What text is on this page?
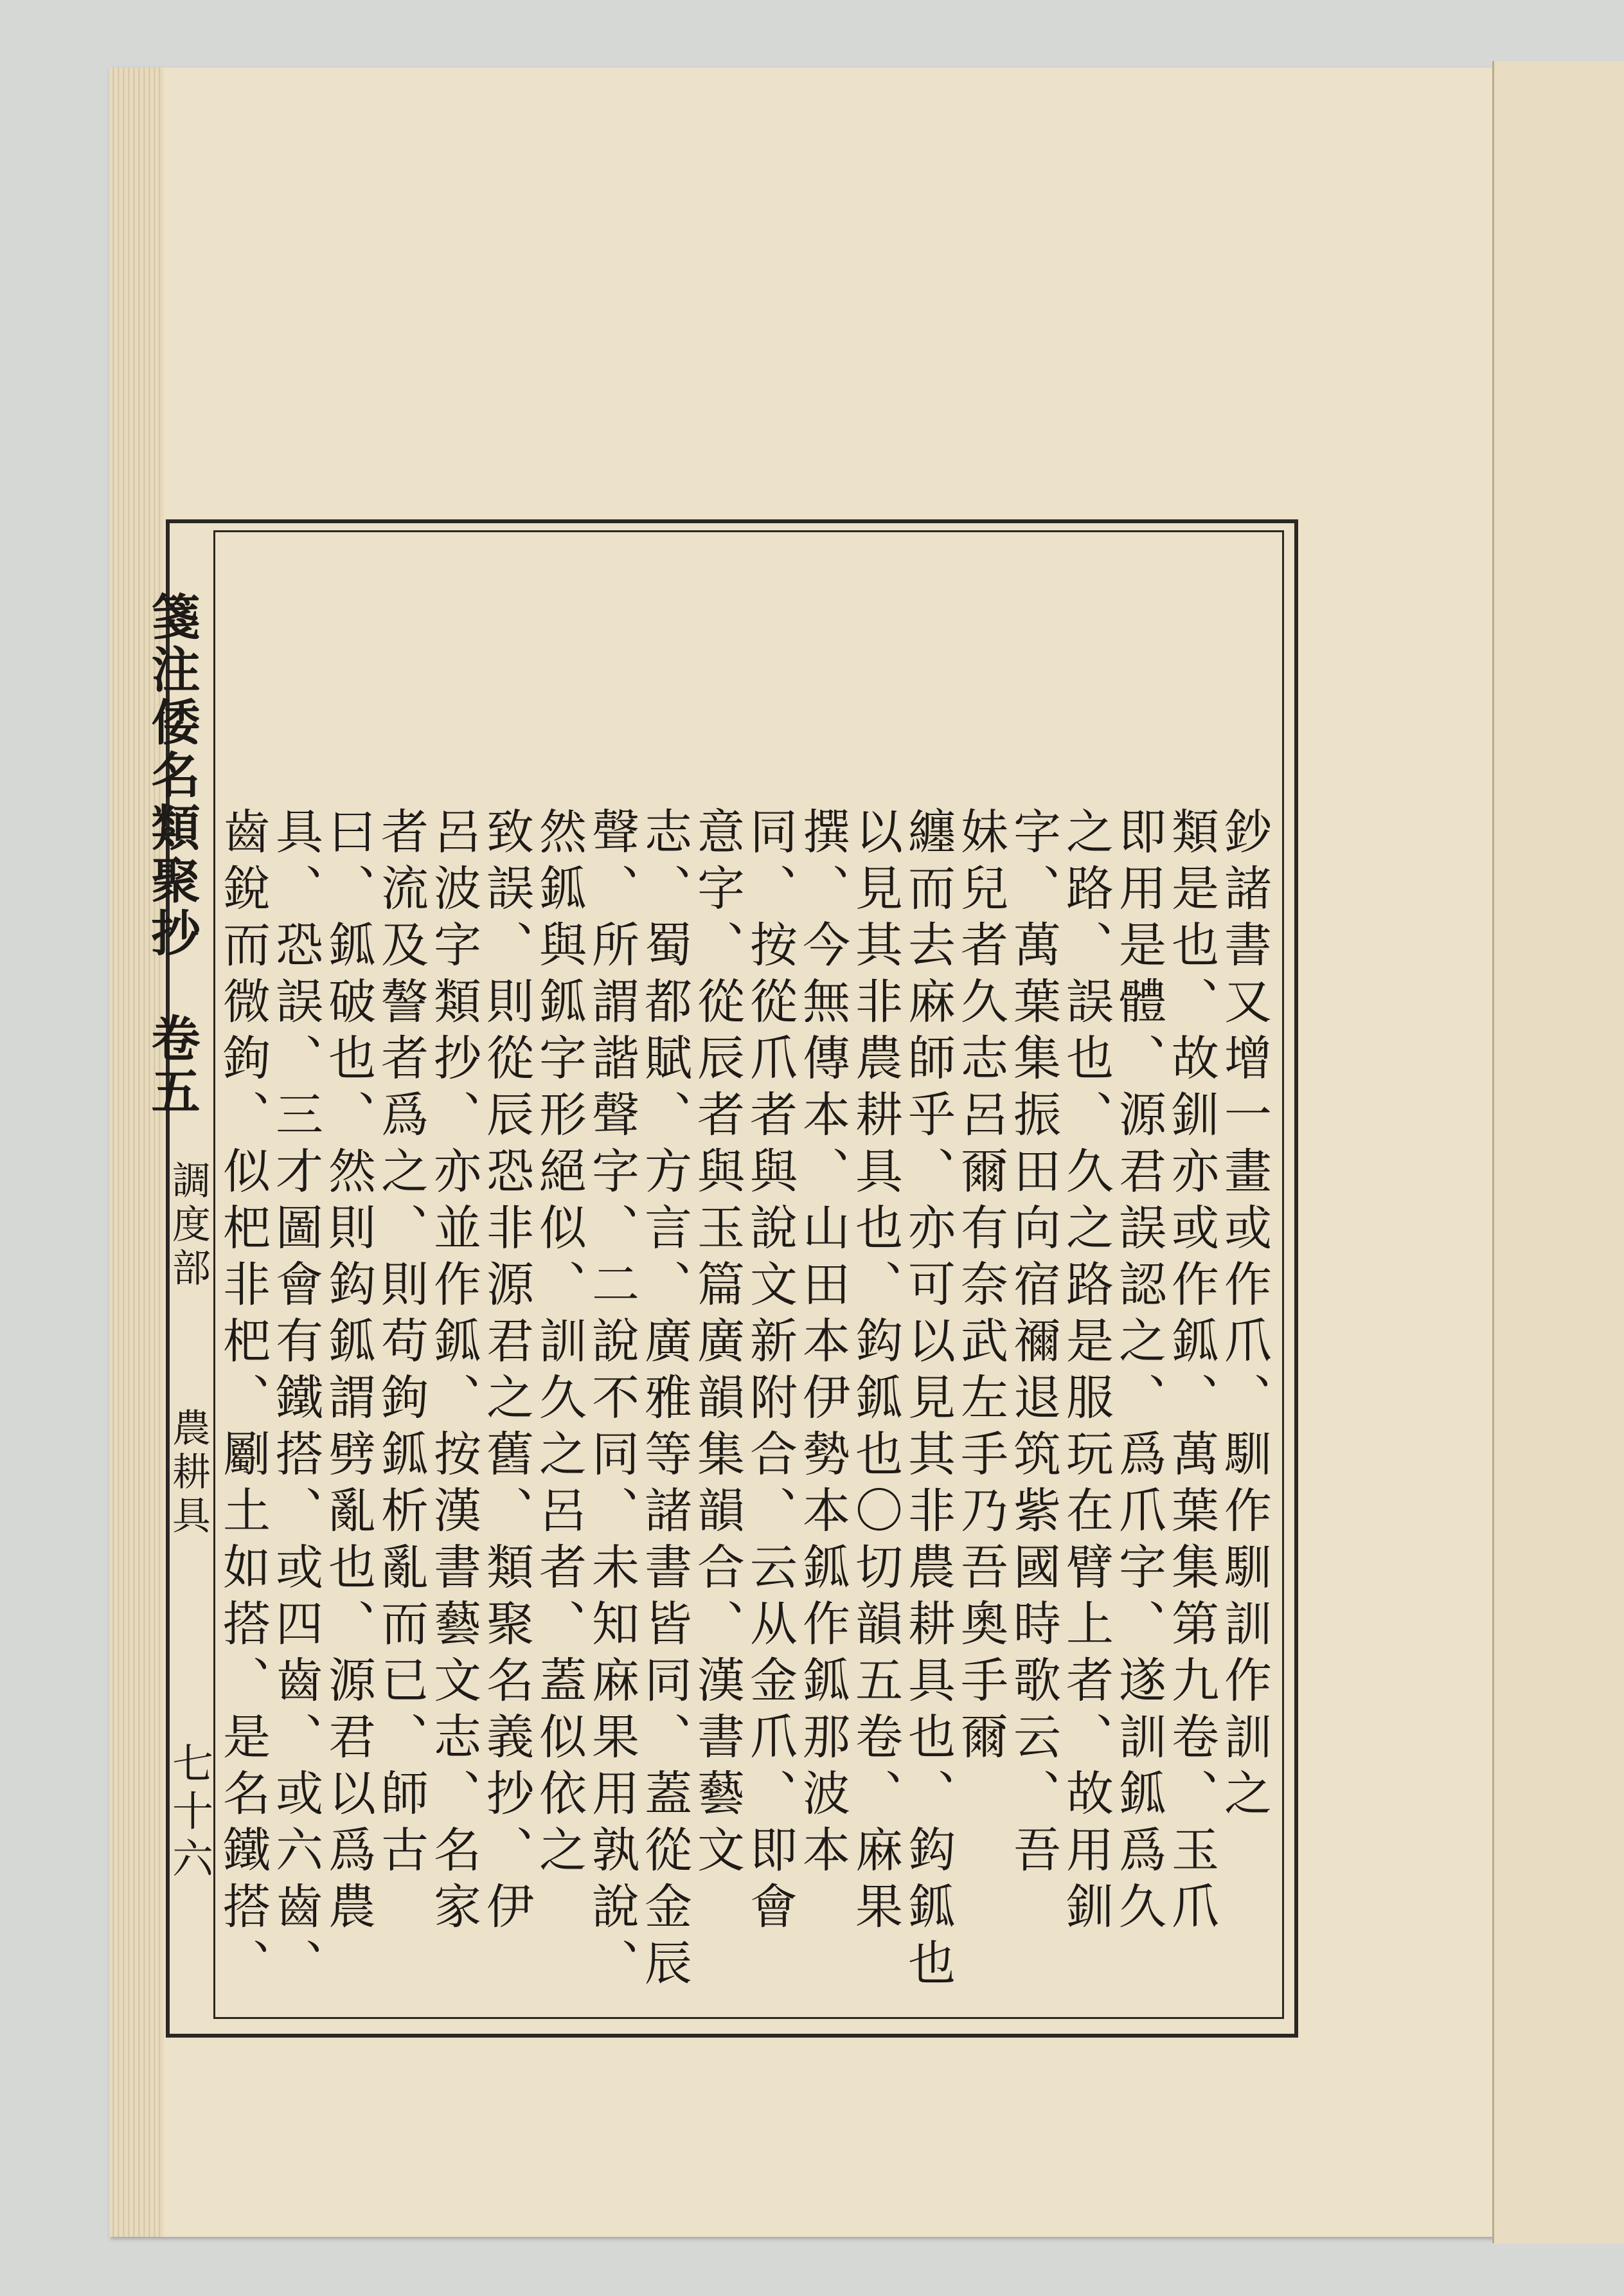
箋注倭名類聚抄　卷五
調度部
農耕具
七十六	鈔諸書又增一畫或作爪、馴作馴訓作訓之
類是也、故釧亦或作鈲、萬葉集第九卷、玉爪
即用是體、源君誤認之、爲爪字、遂訓鈲爲久
之路、誤也、久之路是服玩在臂上者、故用釧
字、萬葉集振田向宿禰退筑紫國時歌云、吾
妹兒者久志呂爾有奈武左手乃吾奧手爾
纏而去麻師乎、亦可以見其非農耕具也、鈎鈲也
以見其非農耕具也、鈎鈲也〇切韻五卷、麻果
撰、今無傳本、山田本伊勢本鈲作鈲那波本
同、按從爪者與說文新附合、云从金爪、即會
意字、從辰者與玉篇廣韻集韻合、漢書藝文
志、蜀都賦、方言、廣雅等諸書皆同、蓋從金辰
聲、所謂諧聲字、二說不同、未知麻果用孰說、
然鈲與鈲字形絕似、訓久之呂者、蓋似依之
致誤、則從辰恐非源君之舊、類聚名義抄、伊
呂波字類抄、亦並作鈲、按漢書藝文志、名家
者流及謷者爲之、則苟鉤鈲析亂而已、師古
曰、鈲破也、然則鈎鈲謂劈亂也、源君以爲農
具、恐誤、三才圖會有鐵搭、或四齒、或六齒、
齒銳而微鉤、似杷非杷、劚土如搭、是名鐵搭、
